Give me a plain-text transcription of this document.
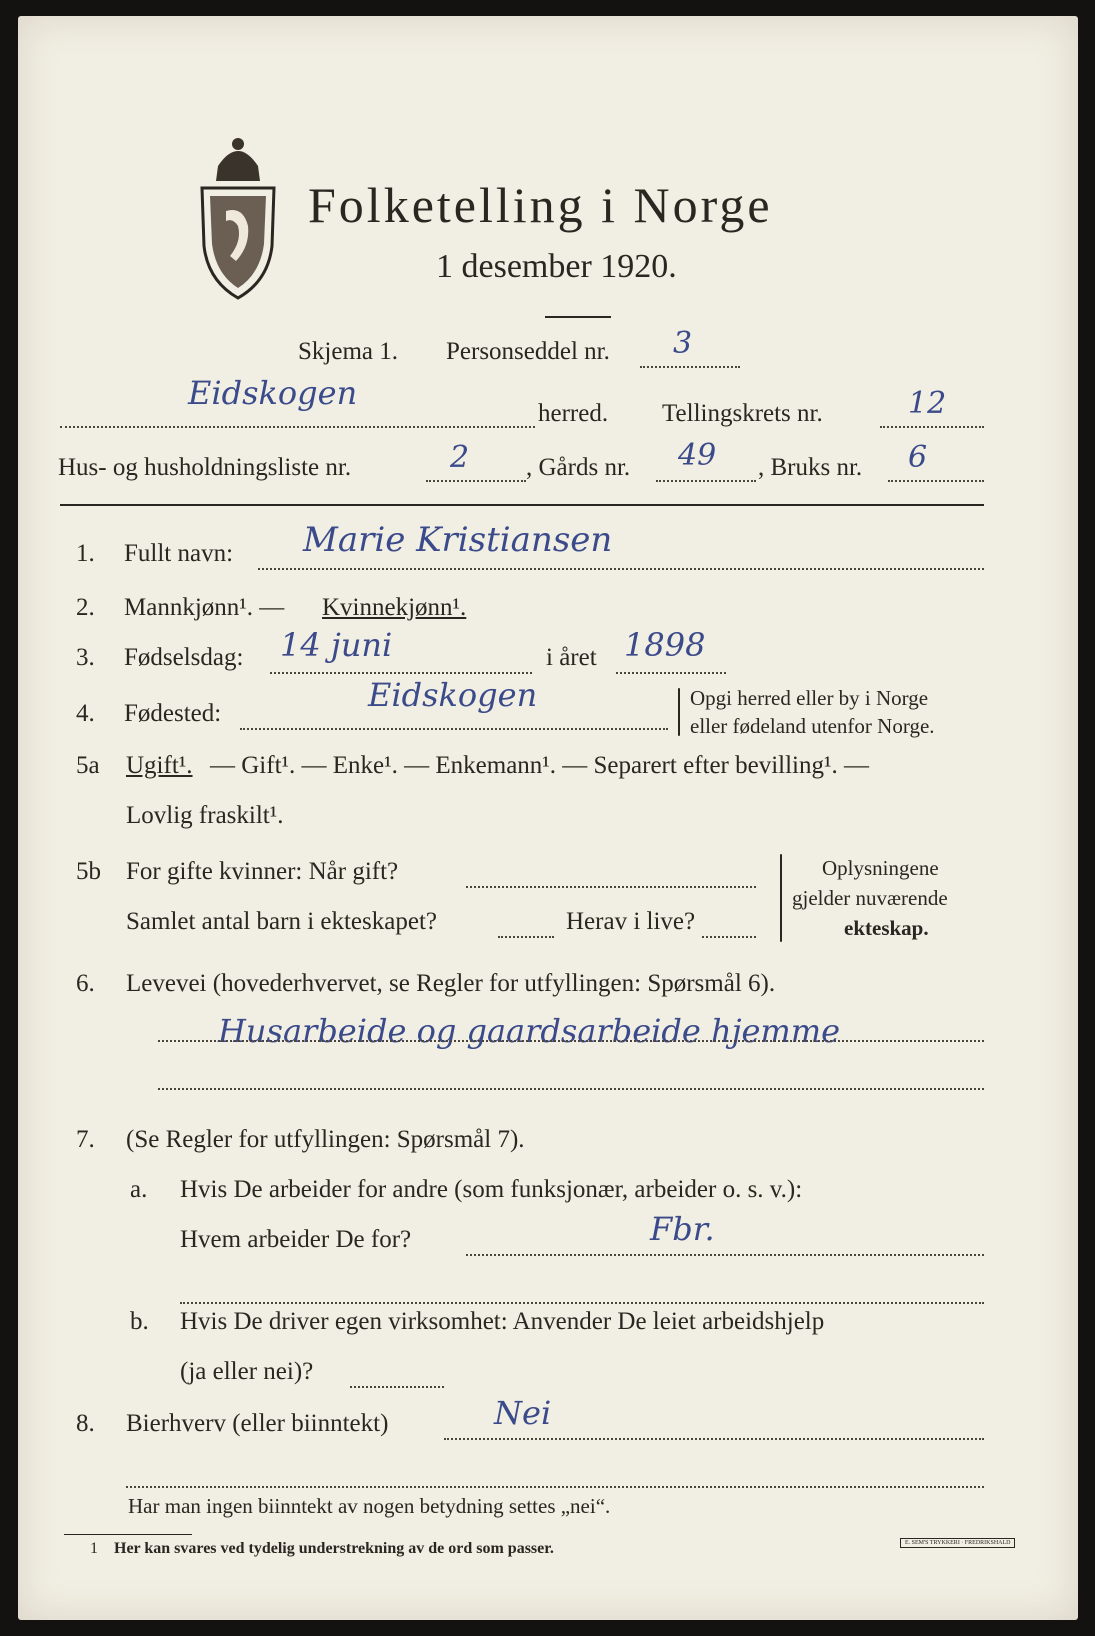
Folketelling i Norge
1 desember 1920.
Skjema 1. Personseddel nr. 3
Eidskogen
herred. Tellingskrets nr.	12
Hus- og husholdningsliste nr.	2 , Gårds nr. 49 , Bruks nr. 6
1. Fullt navn: Marie Kristiansen
2. Mannkjønn¹. — Kvinnekjønn¹.
3. Fødselsdag: 14 juni	i året 1898
4. Fødested:	Eidskogen	Opgi herred eller by i Norge
eller fødeland utenfor Norge.
5a Ugift¹. — Gift¹. — Enke¹. — Enkemann¹. — Separert efter bevilling¹. —
Lovlig fraskilt¹.
5b For gifte kvinner: Når gift?
Samlet antal barn i ekteskapet?	Herav i live?
Oplysningene
gjelder nuværende
ekteskap.
6. Levevei (hovederhvervet, se Regler for utfyllingen: Spørsmål 6).
Husarbeide og gaardsarbeide hjemme
7. (Se Regler for utfyllingen: Spørsmål 7).
a. Hvis De arbeider for andre (som funksjonær, arbeider o. s. v.):
Hvem arbeider De for?	Fbr.
b. Hvis De driver egen virksomhet: Anvender De leiet arbeidshjelp
(ja eller nei)?
8. Bierhverv (eller biinntekt)	Nei
Har man ingen biinntekt av nogen betydning settes „nei“.
1 Her kan svares ved tydelig understrekning av de ord som passer.	E. SEM'S TRYKKERI · FREDRIKSHALD
